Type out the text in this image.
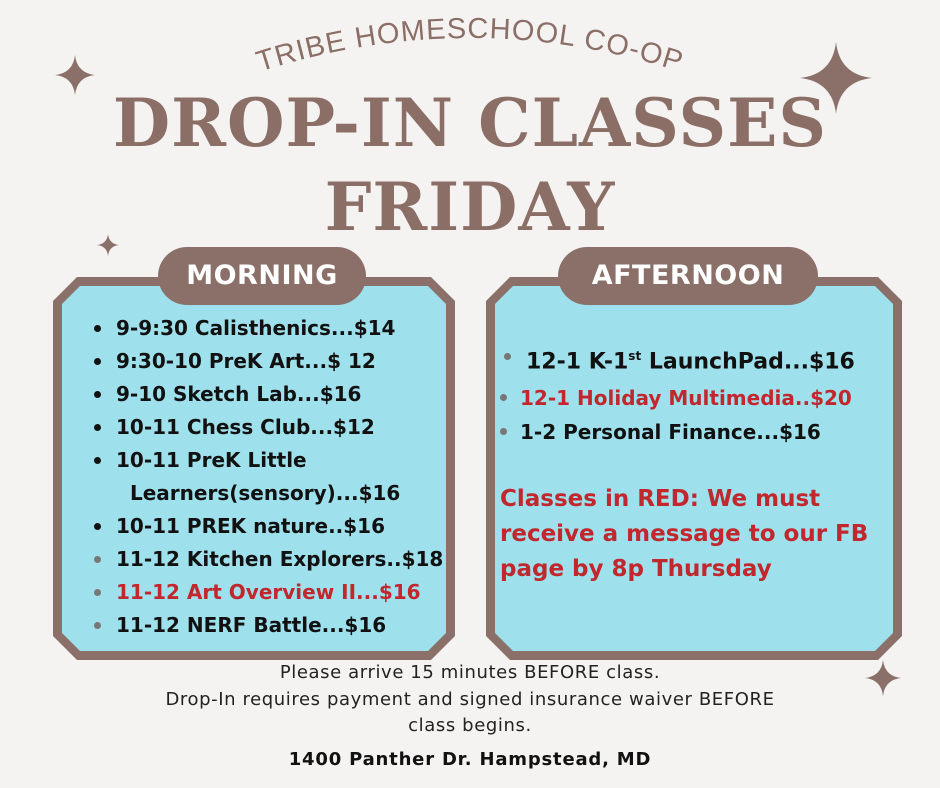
TRIBE HOMESCHOOL CO-OP
DROP-IN CLASSES
FRIDAY
MORNING
9-9:30 Calisthenics...$14
9:30-10 PreK Art...$ 12
9-10 Sketch Lab...$16
10-11 Chess Club...$12
10-11 PreK Little
Learners(sensory)...$16
10-11 PREK nature..$16
11-12 Kitchen Explorers..$18
11-12 Art Overview II...$16
11-12 NERF Battle...$16
AFTERNOON
12-1 K-1st LaunchPad...$16
12-1 Holiday Multimedia..$20
1-2 Personal Finance...$16
Classes in RED: We must receive a message to our FB page by 8p Thursday
Please arrive 15 minutes BEFORE class.
Drop-In requires payment and signed insurance waiver BEFORE
class begins.
1400 Panther Dr. Hampstead, MD
